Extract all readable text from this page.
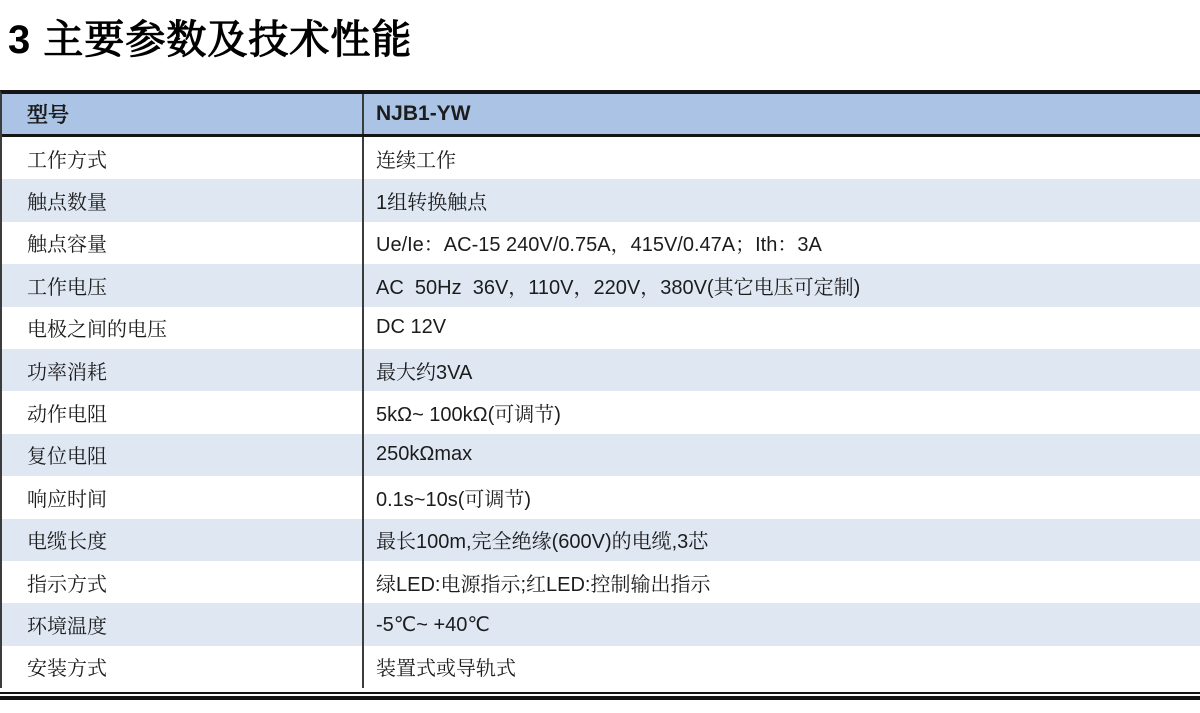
3 主要参数及技术性能
型号	NJB1-YW
工作方式	连续工作
触点数量	1组转换触点
触点容量	Ue/Ie：AC-15 240V/0.75A，415V/0.47A；Ith：3A
工作电压	AC  50Hz  36V，110V，220V，380V(其它电压可定制)
电极之间的电压	DC 12V
功率消耗	最大约3VA
动作电阻	5kΩ~ 100kΩ(可调节)
复位电阻	250kΩmax
响应时间	0.1s~10s(可调节)
电缆长度	最长100m,完全绝缘(600V)的电缆,3芯
指示方式	绿LED:电源指示;红LED:控制输出指示
环境温度	-5℃~ +40℃
安装方式	装置式或导轨式
